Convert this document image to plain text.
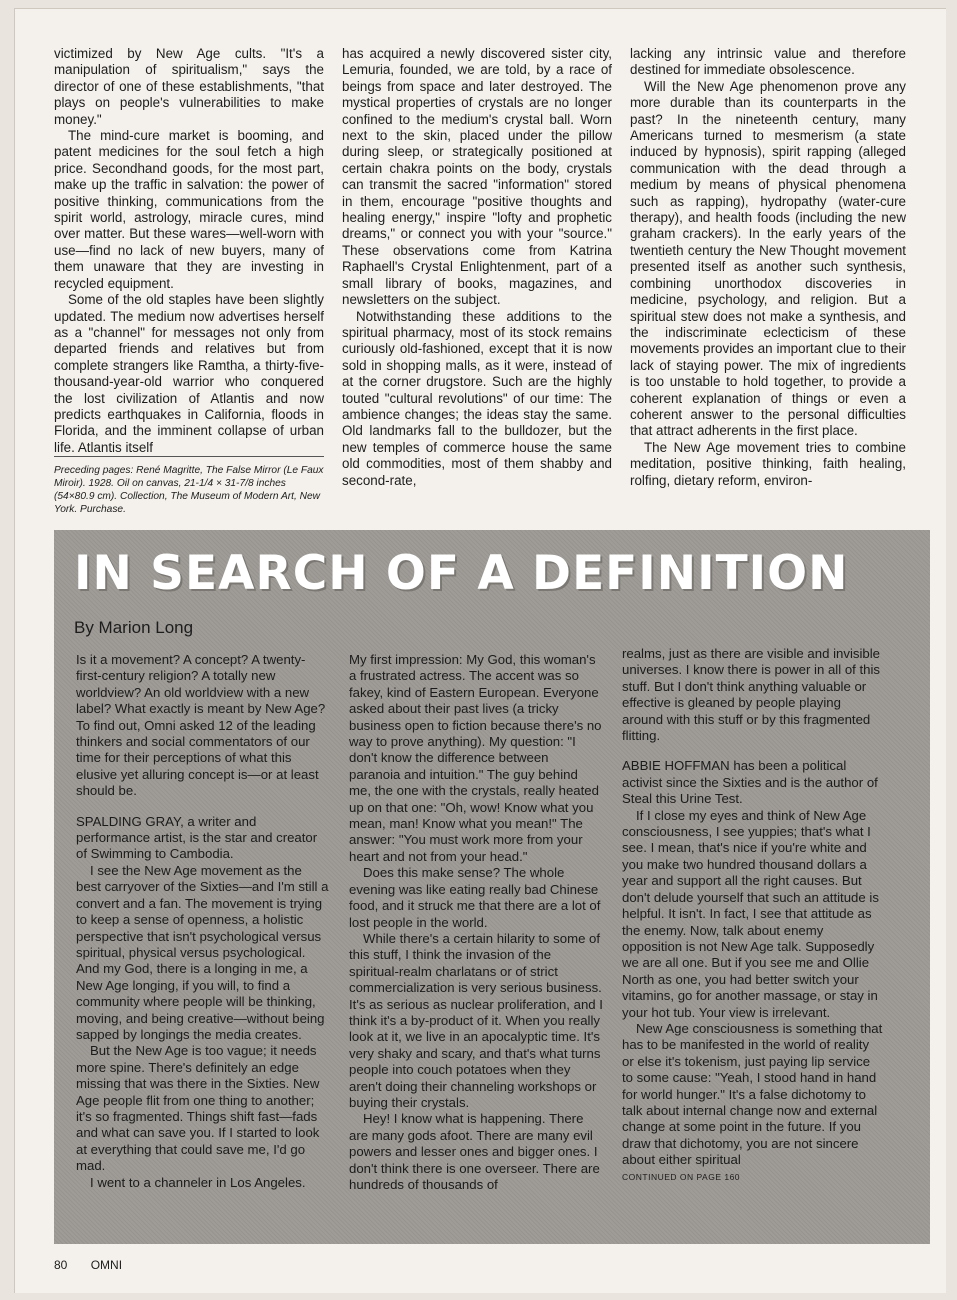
victimized by New Age cults. "It's a manipulation of spiritualism," says the director of one of these establishments, "that plays on people's vulnerabilities to make money."

The mind-cure market is booming, and patent medicines for the soul fetch a high price. Secondhand goods, for the most part, make up the traffic in salvation: the power of positive thinking, communications from the spirit world, astrology, miracle cures, mind over matter. But these wares—well-worn with use—find no lack of new buyers, many of them unaware that they are investing in recycled equipment.

Some of the old staples have been slightly updated. The medium now advertises herself as a "channel" for messages not only from departed friends and relatives but from complete strangers like Ramtha, a thirty-five-thousand-year-old warrior who conquered the lost civilization of Atlantis and now predicts earthquakes in California, floods in Florida, and the imminent collapse of urban life. Atlantis itself

Preceding pages: René Magritte, The False Mirror (Le Faux Miroir). 1928. Oil on canvas, 21-1/4 × 31-7/8 inches (54×80.9 cm). Collection, The Museum of Modern Art, New York. Purchase.

has acquired a newly discovered sister city, Lemuria, founded, we are told, by a race of beings from space and later destroyed. The mystical properties of crystals are no longer confined to the medium's crystal ball. Worn next to the skin, placed under the pillow during sleep, or strategically positioned at certain chakra points on the body, crystals can transmit the sacred "information" stored in them, encourage "positive thoughts and healing energy," inspire "lofty and prophetic dreams," or connect you with your "source." These observations come from Katrina Raphaell's Crystal Enlightenment, part of a small library of books, magazines, and newsletters on the subject.

Notwithstanding these additions to the spiritual pharmacy, most of its stock remains curiously old-fashioned, except that it is now sold in shopping malls, as it were, instead of at the corner drugstore. Such are the highly touted "cultural revolutions" of our time: The ambience changes; the ideas stay the same. Old landmarks fall to the bulldozer, but the new temples of commerce house the same old commodities, most of them shabby and second-rate,

lacking any intrinsic value and therefore destined for immediate obsolescence.

Will the New Age phenomenon prove any more durable than its counterparts in the past? In the nineteenth century, many Americans turned to mesmerism (a state induced by hypnosis), spirit rapping (alleged communication with the dead through a medium by means of physical phenomena such as rapping), hydropathy (water-cure therapy), and health foods (including the new graham crackers). In the early years of the twentieth century the New Thought movement presented itself as another such synthesis, combining unorthodox discoveries in medicine, psychology, and religion. But a spiritual stew does not make a synthesis, and the indiscriminate eclecticism of these movements provides an important clue to their lack of staying power. The mix of ingredients is too unstable to hold together, to provide a coherent explanation of things or even a coherent answer to the personal difficulties that attract adherents in the first place.

The New Age movement tries to combine meditation, positive thinking, faith healing, rolfing, dietary reform, environ-

IN SEARCH OF A DEFINITION
By Marion Long

Is it a movement? A concept? A twenty-first-century religion? A totally new worldview? An old worldview with a new label? What exactly is meant by New Age? To find out, Omni asked 12 of the leading thinkers and social commentators of our time for their perceptions of what this elusive yet alluring concept is—or at least should be.

SPALDING GRAY, a writer and performance artist, is the star and creator of Swimming to Cambodia.

I see the New Age movement as the best carryover of the Sixties—and I'm still a convert and a fan. The movement is trying to keep a sense of openness, a holistic perspective that isn't psychological versus spiritual, physical versus psychological. And my God, there is a longing in me, a New Age longing, if you will, to find a community where people will be thinking, moving, and being creative—without being sapped by longings the media creates.

But the New Age is too vague; it needs more spine. There's definitely an edge missing that was there in the Sixties. New Age people flit from one thing to another; it's so fragmented. Things shift fast—fads and what can save you. If I started to look at everything that could save me, I'd go mad.

I went to a channeler in Los Angeles.

My first impression: My God, this woman's a frustrated actress. The accent was so fakey, kind of Eastern European. Everyone asked about their past lives (a tricky business open to fiction because there's no way to prove anything). My question: "I don't know the difference between paranoia and intuition." The guy behind me, the one with the crystals, really heated up on that one: "Oh, wow! Know what you mean, man! Know what you mean!" The answer: "You must work more from your heart and not from your head."

Does this make sense? The whole evening was like eating really bad Chinese food, and it struck me that there are a lot of lost people in the world.

While there's a certain hilarity to some of this stuff, I think the invasion of the spiritual-realm charlatans or of strict commercialization is very serious business. It's as serious as nuclear proliferation, and I think it's a by-product of it. When you really look at it, we live in an apocalyptic time. It's very shaky and scary, and that's what turns people into couch potatoes when they aren't doing their channeling workshops or buying their crystals.

Hey! I know what is happening. There are many gods afoot. There are many evil powers and lesser ones and bigger ones. I don't think there is one overseer. There are hundreds of thousands of

realms, just as there are visible and invisible universes. I know there is power in all of this stuff. But I don't think anything valuable or effective is gleaned by people playing around with this stuff or by this fragmented flitting.

ABBIE HOFFMAN has been a political activist since the Sixties and is the author of Steal this Urine Test.

If I close my eyes and think of New Age consciousness, I see yuppies; that's what I see. I mean, that's nice if you're white and you make two hundred thousand dollars a year and support all the right causes. But don't delude yourself that such an attitude is helpful. It isn't. In fact, I see that attitude as the enemy. Now, talk about enemy opposition is not New Age talk. Supposedly we are all one. But if you see me and Ollie North as one, you had better switch your vitamins, go for another massage, or stay in your hot tub. Your view is irrelevant.

New Age consciousness is something that has to be manifested in the world of reality or else it's tokenism, just paying lip service to some cause: "Yeah, I stood hand in hand for world hunger." It's a false dichotomy to talk about internal change now and external change at some point in the future. If you draw that dichotomy, you are not sincere about either spiritual

CONTINUED ON PAGE 160

80 OMNI
